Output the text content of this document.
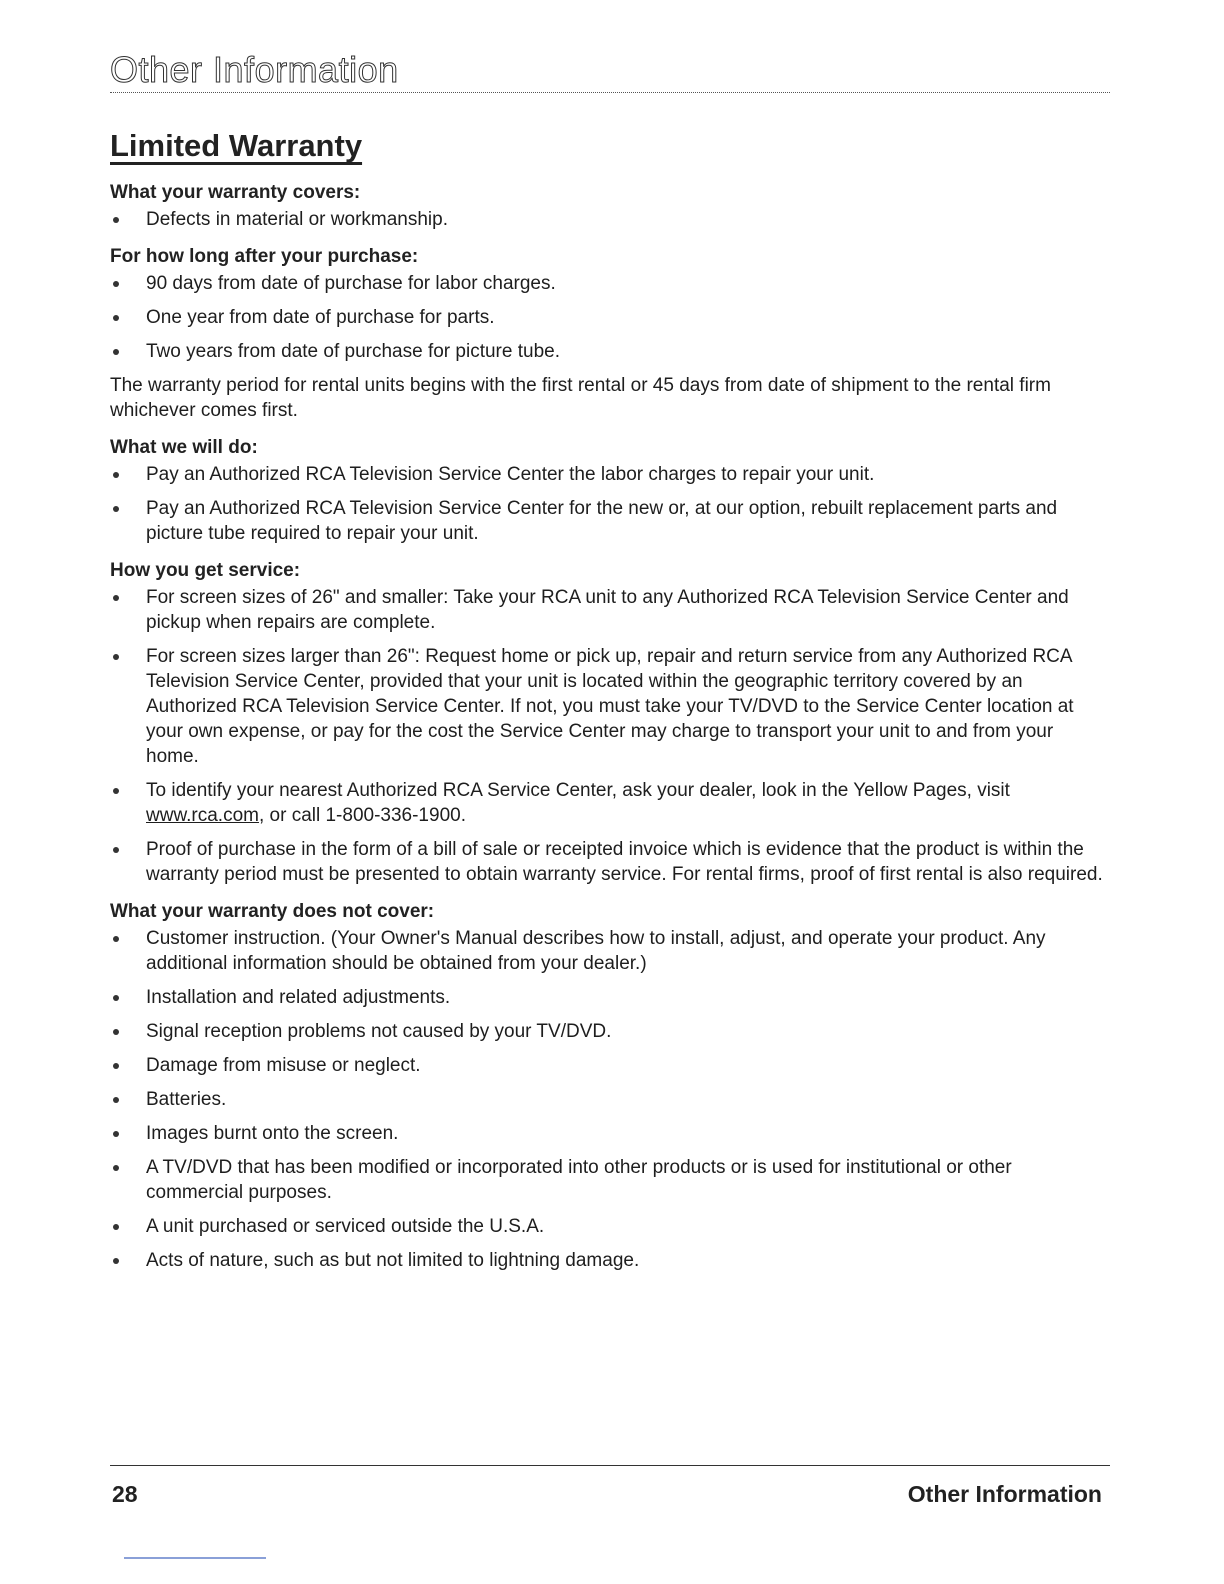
Other Information
Limited Warranty
What your warranty covers:
Defects in material or workmanship.
For how long after your purchase:
90 days from date of purchase for labor charges.
One year from date of purchase for parts.
Two years from date of purchase for picture tube.
The warranty period for rental units begins with the first rental or 45 days from date of shipment to the rental firm whichever comes first.
What we will do:
Pay an Authorized RCA Television Service Center the labor charges to repair your unit.
Pay an Authorized RCA Television Service Center for the new or, at our option, rebuilt replacement parts and picture tube required to repair your unit.
How you get service:
For screen sizes of 26" and smaller: Take your RCA unit to any Authorized RCA Television Service Center and pickup when repairs are complete.
For screen sizes larger than 26": Request home or pick up, repair and return service from any Authorized RCA Television Service Center, provided that your unit is located within the geographic territory covered by an Authorized RCA Television Service Center. If not, you must take your TV/DVD to the Service Center location at your own expense, or pay for the cost the Service Center may charge to transport your unit to and from your home.
To identify your nearest Authorized RCA Service Center, ask your dealer, look in the Yellow Pages, visit www.rca.com, or call 1-800-336-1900.
Proof of purchase in the form of a bill of sale or receipted invoice which is evidence that the product is within the warranty period must be presented to obtain warranty service. For rental firms, proof of first rental is also required.
What your warranty does not cover:
Customer instruction. (Your Owner's Manual describes how to install, adjust, and operate your product. Any additional information should be obtained from your dealer.)
Installation and related adjustments.
Signal reception problems not caused by your TV/DVD.
Damage from misuse or neglect.
Batteries.
Images burnt onto the screen.
A TV/DVD that has been modified or incorporated into other products or is used for institutional or other commercial purposes.
A unit purchased or serviced outside the U.S.A.
Acts of nature, such as but not limited to lightning damage.
28	Other Information
